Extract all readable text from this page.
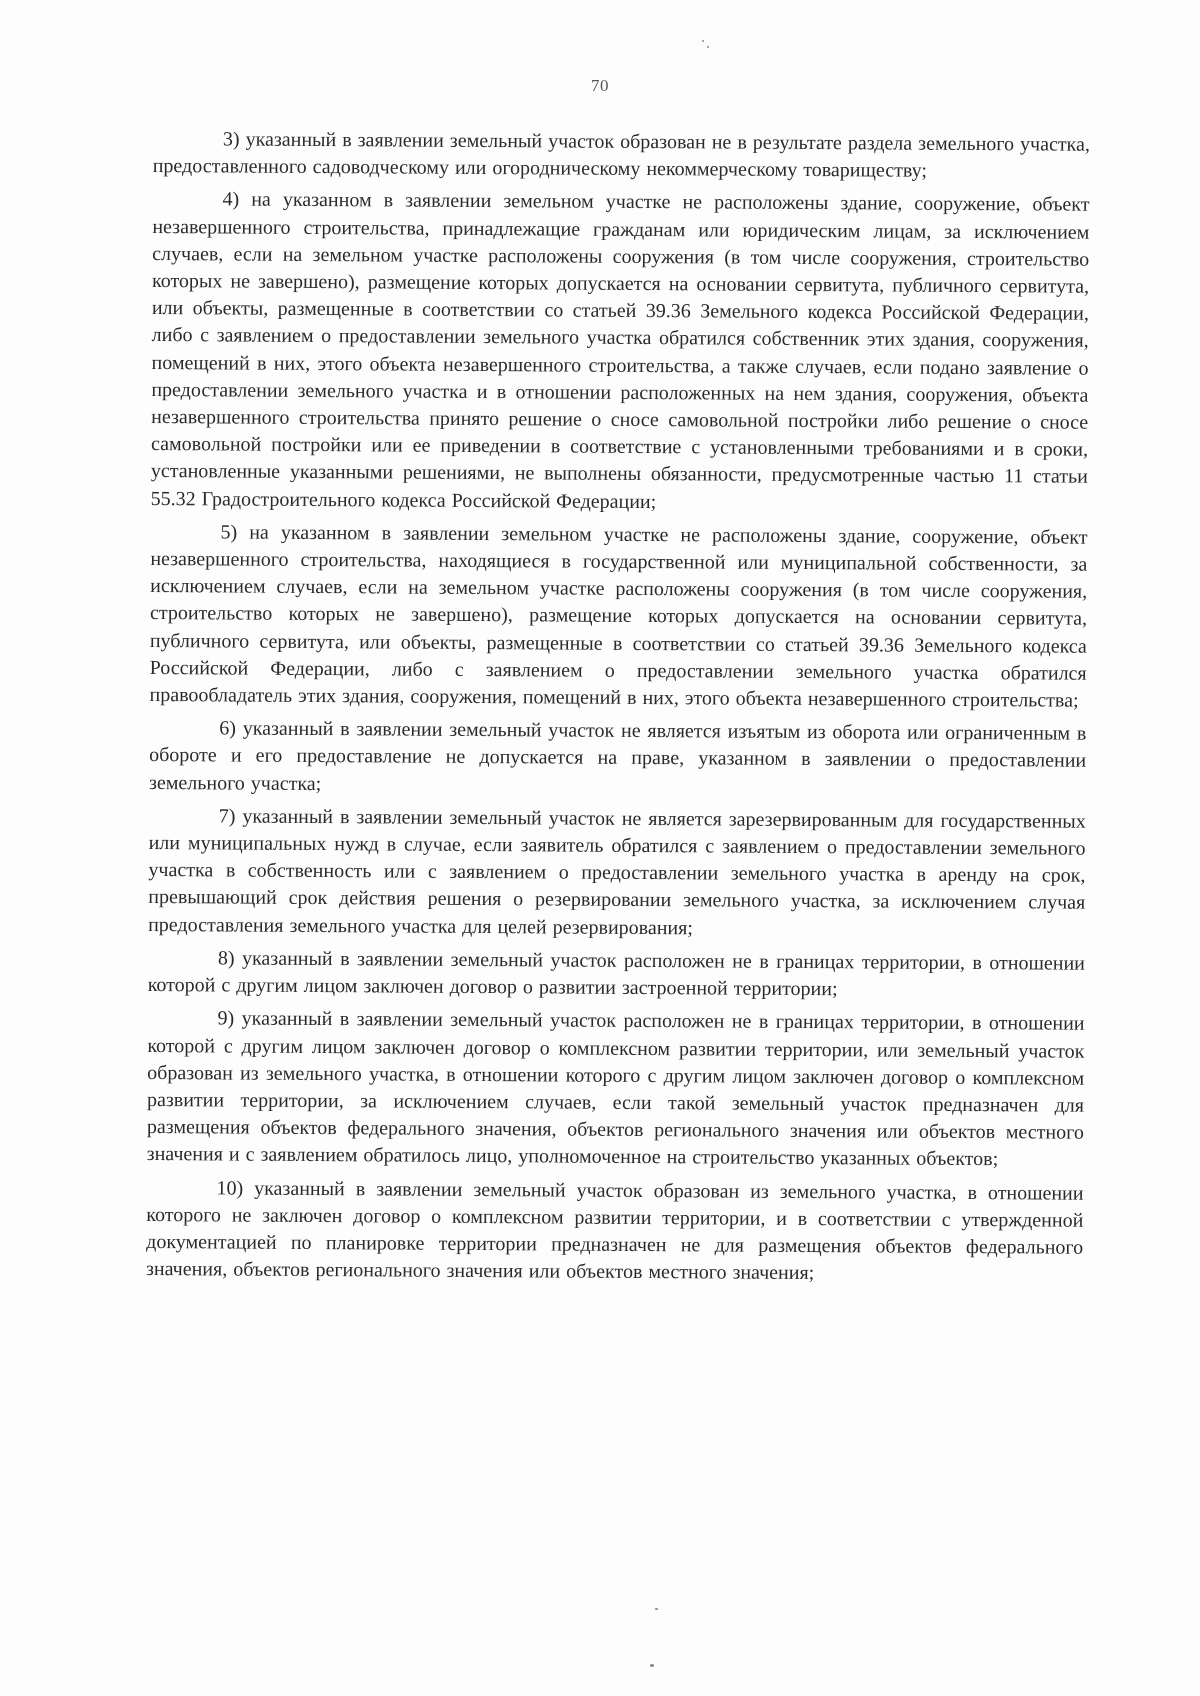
70

3) указанный в заявлении земельный участок образован не в результате раздела земельного участка, предоставленного садоводческому или огородническому некоммерческому товариществу;

4) на указанном в заявлении земельном участке не расположены здание, сооружение, объект незавершенного строительства, принадлежащие гражданам или юридическим лицам, за исключением случаев, если на земельном участке расположены сооружения (в том числе сооружения, строительство которых не завершено), размещение которых допускается на основании сервитута, публичного сервитута, или объекты, размещенные в соответствии со статьей 39.36 Земельного кодекса Российской Федерации, либо с заявлением о предоставлении земельного участка обратился собственник этих здания, сооружения, помещений в них, этого объекта незавершенного строительства, а также случаев, если подано заявление о предоставлении земельного участка и в отношении расположенных на нем здания, сооружения, объекта незавершенного строительства принято решение о сносе самовольной постройки либо решение о сносе самовольной постройки или ее приведении в соответствие с установленными требованиями и в сроки, установленные указанными решениями, не выполнены обязанности, предусмотренные частью 11 статьи 55.32 Градостроительного кодекса Российской Федерации;

5) на указанном в заявлении земельном участке не расположены здание, сооружение, объект незавершенного строительства, находящиеся в государственной или муниципальной собственности, за исключением случаев, если на земельном участке расположены сооружения (в том числе сооружения, строительство которых не завершено), размещение которых допускается на основании сервитута, публичного сервитута, или объекты, размещенные в соответствии со статьей 39.36 Земельного кодекса Российской Федерации, либо с заявлением о предоставлении земельного участка обратился правообладатель этих здания, сооружения, помещений в них, этого объекта незавершенного строительства;

6) указанный в заявлении земельный участок не является изъятым из оборота или ограниченным в обороте и его предоставление не допускается на праве, указанном в заявлении о предоставлении земельного участка;

7) указанный в заявлении земельный участок не является зарезервированным для государственных или муниципальных нужд в случае, если заявитель обратился с заявлением о предоставлении земельного участка в собственность или с заявлением о предоставлении земельного участка в аренду на срок, превышающий срок действия решения о резервировании земельного участка, за исключением случая предоставления земельного участка для целей резервирования;

8) указанный в заявлении земельный участок расположен не в границах территории, в отношении которой с другим лицом заключен договор о развитии застроенной территории;

9) указанный в заявлении земельный участок расположен не в границах территории, в отношении которой с другим лицом заключен договор о комплексном развитии территории, или земельный участок образован из земельного участка, в отношении которого с другим лицом заключен договор о комплексном развитии территории, за исключением случаев, если такой земельный участок предназначен для размещения объектов федерального значения, объектов регионального значения или объектов местного значения и с заявлением обратилось лицо, уполномоченное на строительство указанных объектов;

10) указанный в заявлении земельный участок образован из земельного участка, в отношении которого не заключен договор о комплексном развитии территории, и в соответствии с утвержденной документацией по планировке территории предназначен не для размещения объектов федерального значения, объектов регионального значения или объектов местного значения;
